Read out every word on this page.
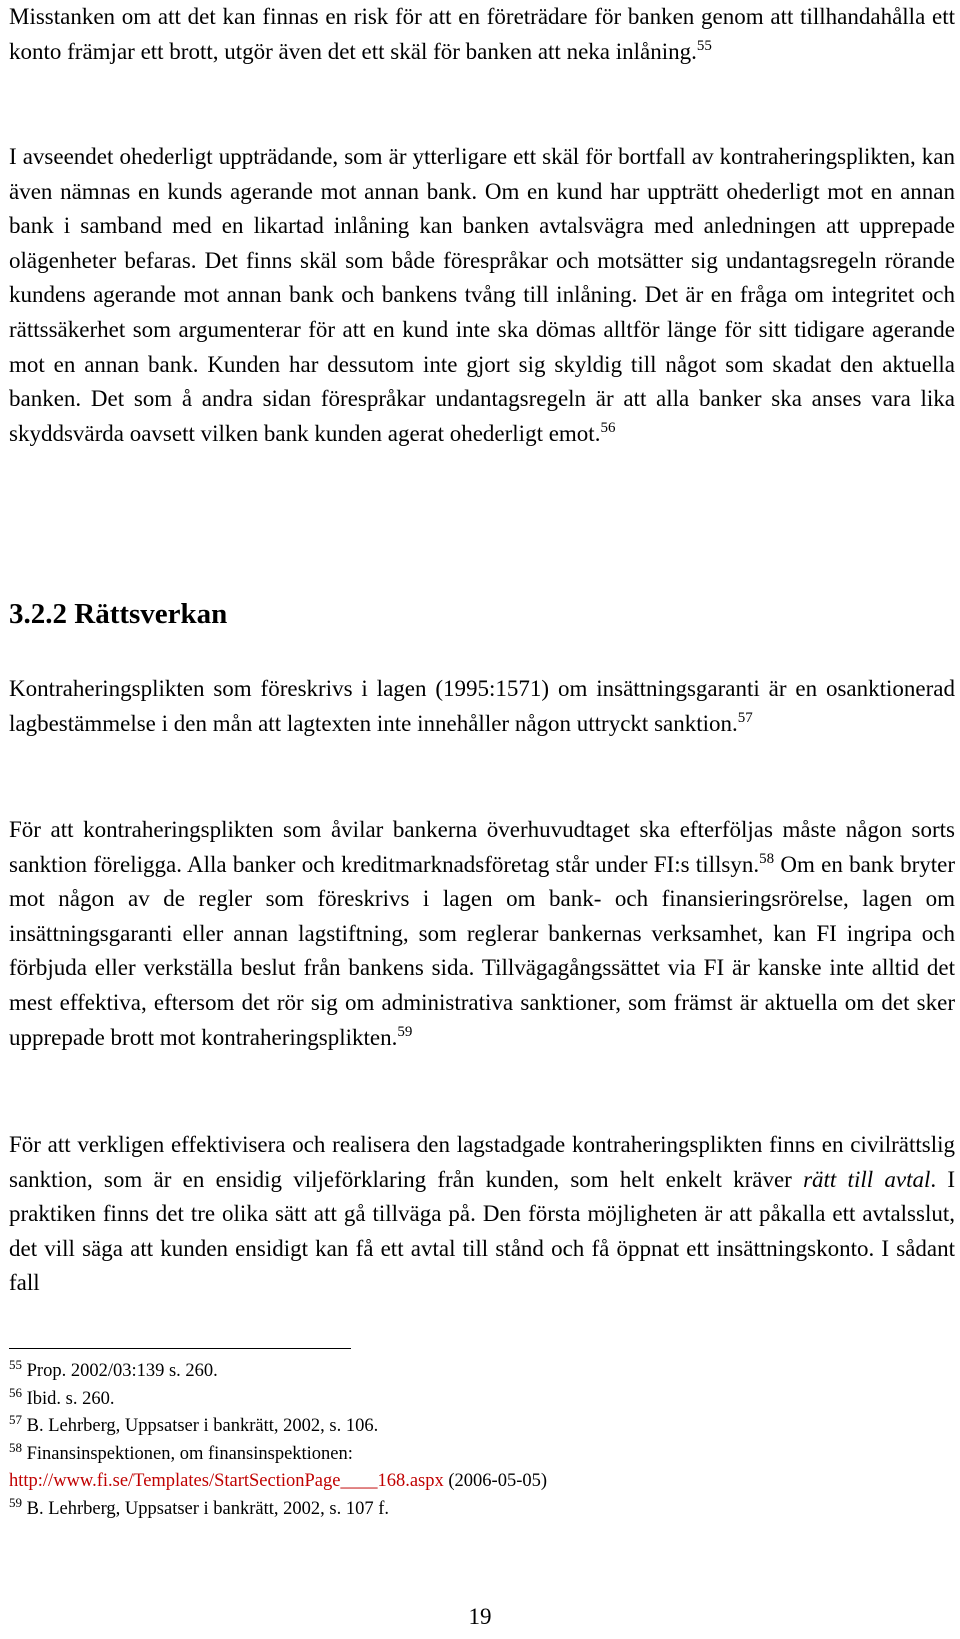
Misstanken om att det kan finnas en risk för att en företrädare för banken genom att tillhandahålla ett konto främjar ett brott, utgör även det ett skäl för banken att neka inlåning.$^{55}$

I avseendet ohederligt uppträdande, som är ytterligare ett skäl för bortfall av kontraheringsplikten, kan även nämnas en kunds agerande mot annan bank. Om en kund har uppträtt ohederligt mot en annan bank i samband med en likartad inlåning kan banken avtalsvägra med anledningen att upprepade olägenheter befaras. Det finns skäl som både förespråkar och motsätter sig undantagsregeln rörande kundens agerande mot annan bank och bankens tvång till inlåning. Det är en fråga om integritet och rättssäkerhet som argumenterar för att en kund inte ska dömas alltför länge för sitt tidigare agerande mot en annan bank. Kunden har dessutom inte gjort sig skyldig till något som skadat den aktuella banken. Det som å andra sidan förespråkar undantagsregeln är att alla banker ska anses vara lika skyddsvärda oavsett vilken bank kunden agerat ohederligt emot.$^{56}$

3.2.2 Rättsverkan

Kontraheringsplikten som föreskrivs i lagen (1995:1571) om insättningsgaranti är en osanktionerad lagbestämmelse i den mån att lagtexten inte innehåller någon uttryckt sanktion.$^{57}$

För att kontraheringsplikten som åvilar bankerna överhuvudtaget ska efterföljas måste någon sorts sanktion föreligga. Alla banker och kreditmarknadsföretag står under FI:s tillsyn.$^{58}$ Om en bank bryter mot någon av de regler som föreskrivs i lagen om bank- och finansieringsrörelse, lagen om insättningsgaranti eller annan lagstiftning, som reglerar bankernas verksamhet, kan FI ingripa och förbjuda eller verkställa beslut från bankens sida. Tillvägagångssättet via FI är kanske inte alltid det mest effektiva, eftersom det rör sig om administrativa sanktioner, som främst är aktuella om det sker upprepade brott mot kontraheringsplikten.$^{59}$

För att verkligen effektivisera och realisera den lagstadgade kontraheringsplikten finns en civilrättslig sanktion, som är en ensidig viljeförklaring från kunden, som helt enkelt kräver rätt till avtal. I praktiken finns det tre olika sätt att gå tillväga på. Den första möjligheten är att påkalla ett avtalsslut, det vill säga att kunden ensidigt kan få ett avtal till stånd och få öppnat ett insättningskonto. I sådant fall

$^{55}$ Prop. 2002/03:139 s. 260.

$^{56}$ Ibid. s. 260.

$^{57}$ B. Lehrberg, Uppsatser i bankrätt, 2002, s. 106.

$^{58}$ Finansinspektionen, om finansinspektionen:

http://www.fi.se/Templates/StartSectionPage____168.aspx (2006-05-05)

$^{59}$ B. Lehrberg, Uppsatser i bankrätt, 2002, s. 107 f.

19
